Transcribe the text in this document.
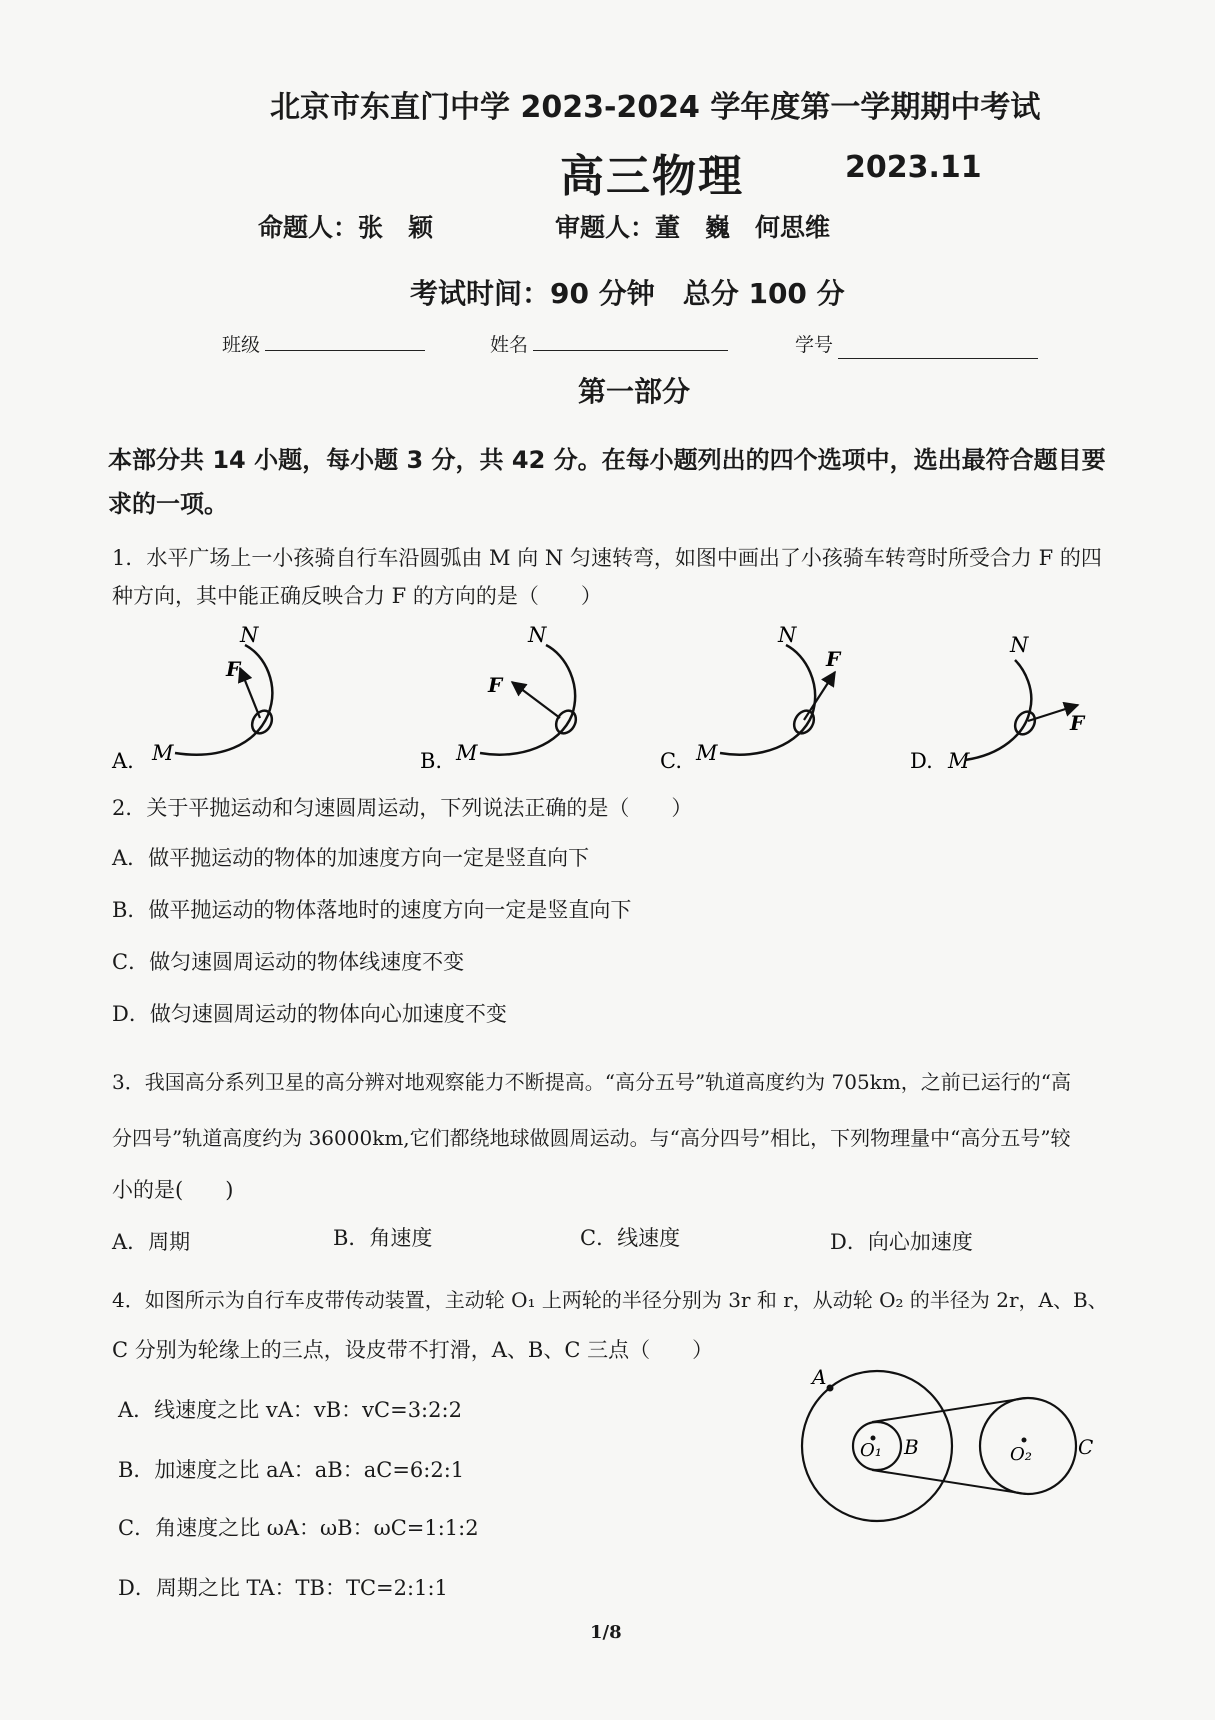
北京市东直门中学 2023-2024 学年度第一学期期中考试
高三物理	2023.11
命题人：张　颖	审题人：董　巍　何思维
考试时间：90 分钟　总分 100 分
班级	姓名	学号
第一部分
本部分共 14 小题，每小题 3 分，共 42 分。在每小题列出的四个选项中，选出最符合题目要
求的一项。
1．水平广场上一小孩骑自行车沿圆弧由 M 向 N 匀速转弯，如图中画出了小孩骑车转弯时所受合力 F 的四
种方向，其中能正确反映合力 F 的方向的是（　　）
A. M
N
F
B. M
N
F
C. M
N
F
D. M
N
F
2．关于平抛运动和匀速圆周运动，下列说法正确的是（　　）
A．做平抛运动的物体的加速度方向一定是竖直向下
B．做平抛运动的物体落地时的速度方向一定是竖直向下
C．做匀速圆周运动的物体线速度不变
D．做匀速圆周运动的物体向心加速度不变
3．我国高分系列卫星的高分辨对地观察能力不断提高。“高分五号”轨道高度约为 705km，之前已运行的“高
分四号”轨道高度约为 36000km,它们都绕地球做圆周运动。与“高分四号”相比，下列物理量中“高分五号”较
小的是(　　)
A．周期	B．角速度	C．线速度	D．向心加速度
4．如图所示为自行车皮带传动装置，主动轮 O₁ 上两轮的半径分别为 3r 和 r，从动轮 O₂ 的半径为 2r，A、B、
C 分别为轮缘上的三点，设皮带不打滑，A、B、C 三点（　　）
A．线速度之比 vA：vB：vC=3:2:2
B．加速度之比 aA：aB：aC=6:2:1
C．角速度之比 ωA：ωB：ωC=1:1:2
D．周期之比 TA：TB：TC=2:1:1
A
B
O₁	O₂ C
1/8
